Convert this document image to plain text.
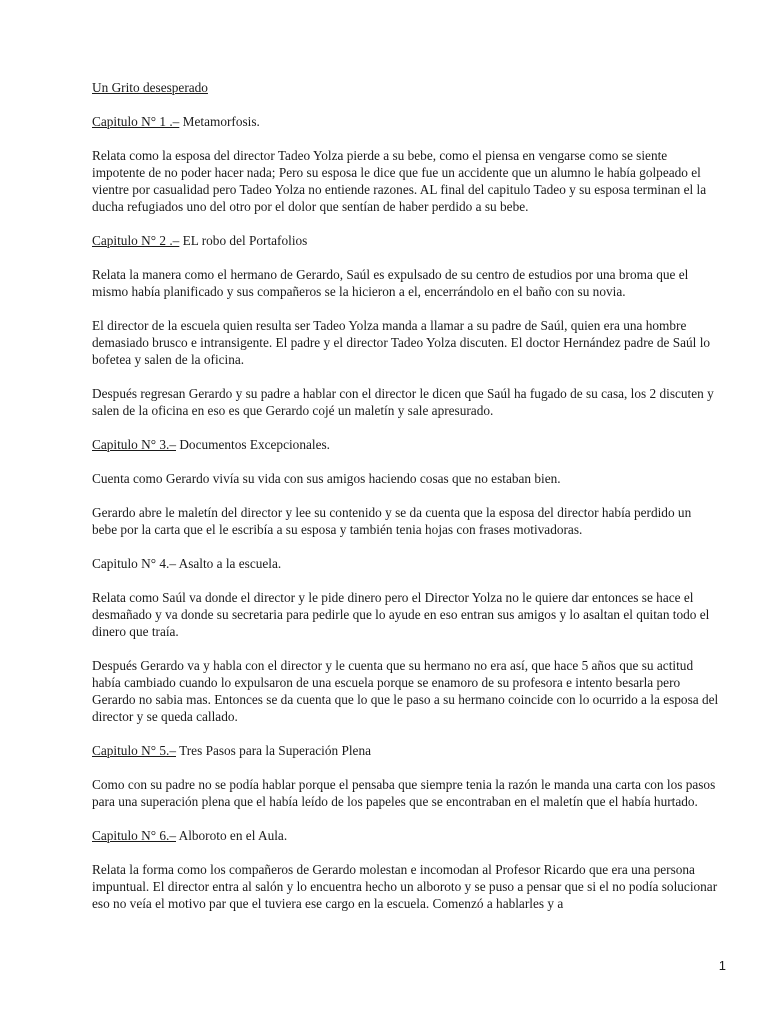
Un Grito desesperado

Capitulo N° 1 .– Metamorfosis.

Relata como la esposa del director Tadeo Yolza pierde a su bebe, como el piensa en vengarse como se siente impotente de no poder hacer nada; Pero su esposa le dice que fue un accidente que un alumno le había golpeado el vientre por casualidad pero Tadeo Yolza no entiende razones. AL final del capitulo Tadeo y su esposa terminan el la ducha refugiados uno del otro por el dolor que sentían de haber perdido a su bebe.

Capitulo N° 2 .– EL robo del Portafolios

Relata la manera como el hermano de Gerardo, Saúl es expulsado de su centro de estudios por una broma que el mismo había planificado y sus compañeros se la hicieron a el, encerrándolo en el baño con su novia.

El director de la escuela quien resulta ser Tadeo Yolza manda a llamar a su padre de Saúl, quien era una hombre demasiado brusco e intransigente. El padre y el director Tadeo Yolza discuten. El doctor Hernández padre de Saúl lo bofetea y salen de la oficina.

Después regresan Gerardo y su padre a hablar con el director le dicen que Saúl ha fugado de su casa, los 2 discuten y salen de la oficina en eso es que Gerardo cojé un maletín y sale apresurado.

Capitulo N° 3.– Documentos Excepcionales.

Cuenta como Gerardo vivía su vida con sus amigos haciendo cosas que no estaban bien.

Gerardo abre le maletín del director y lee su contenido y se da cuenta que la esposa del director había perdido un bebe por la carta que el le escribía a su esposa y también tenia hojas con frases motivadoras.

Capitulo N° 4.– Asalto a la escuela.

Relata como Saúl va donde el director y le pide dinero pero el Director Yolza no le quiere dar entonces se hace el desmañado y va donde su secretaria para pedirle que lo ayude en eso entran sus amigos y lo asaltan el quitan todo el dinero que traía.

Después Gerardo va y habla con el director y le cuenta que su hermano no era así, que hace 5 años que su actitud había cambiado cuando lo expulsaron de una escuela porque se enamoro de su profesora e intento besarla pero Gerardo no sabia mas. Entonces se da cuenta que lo que le paso a su hermano coincide con lo ocurrido a la esposa del director y se queda callado.

Capitulo N° 5.– Tres Pasos para la Superación Plena

Como con su padre no se podía hablar porque el pensaba que siempre tenia la razón le manda una carta con los pasos para una superación plena que el había leído de los papeles que se encontraban en el maletín que el había hurtado.

Capitulo N° 6.– Alboroto en el Aula.

Relata la forma como los compañeros de Gerardo molestan e incomodan al Profesor Ricardo que era una persona impuntual. El director entra al salón y lo encuentra hecho un alboroto y se puso a pensar que si el no podía solucionar eso no veía el motivo par que el tuviera ese cargo en la escuela. Comenzó a hablarles y a

1
